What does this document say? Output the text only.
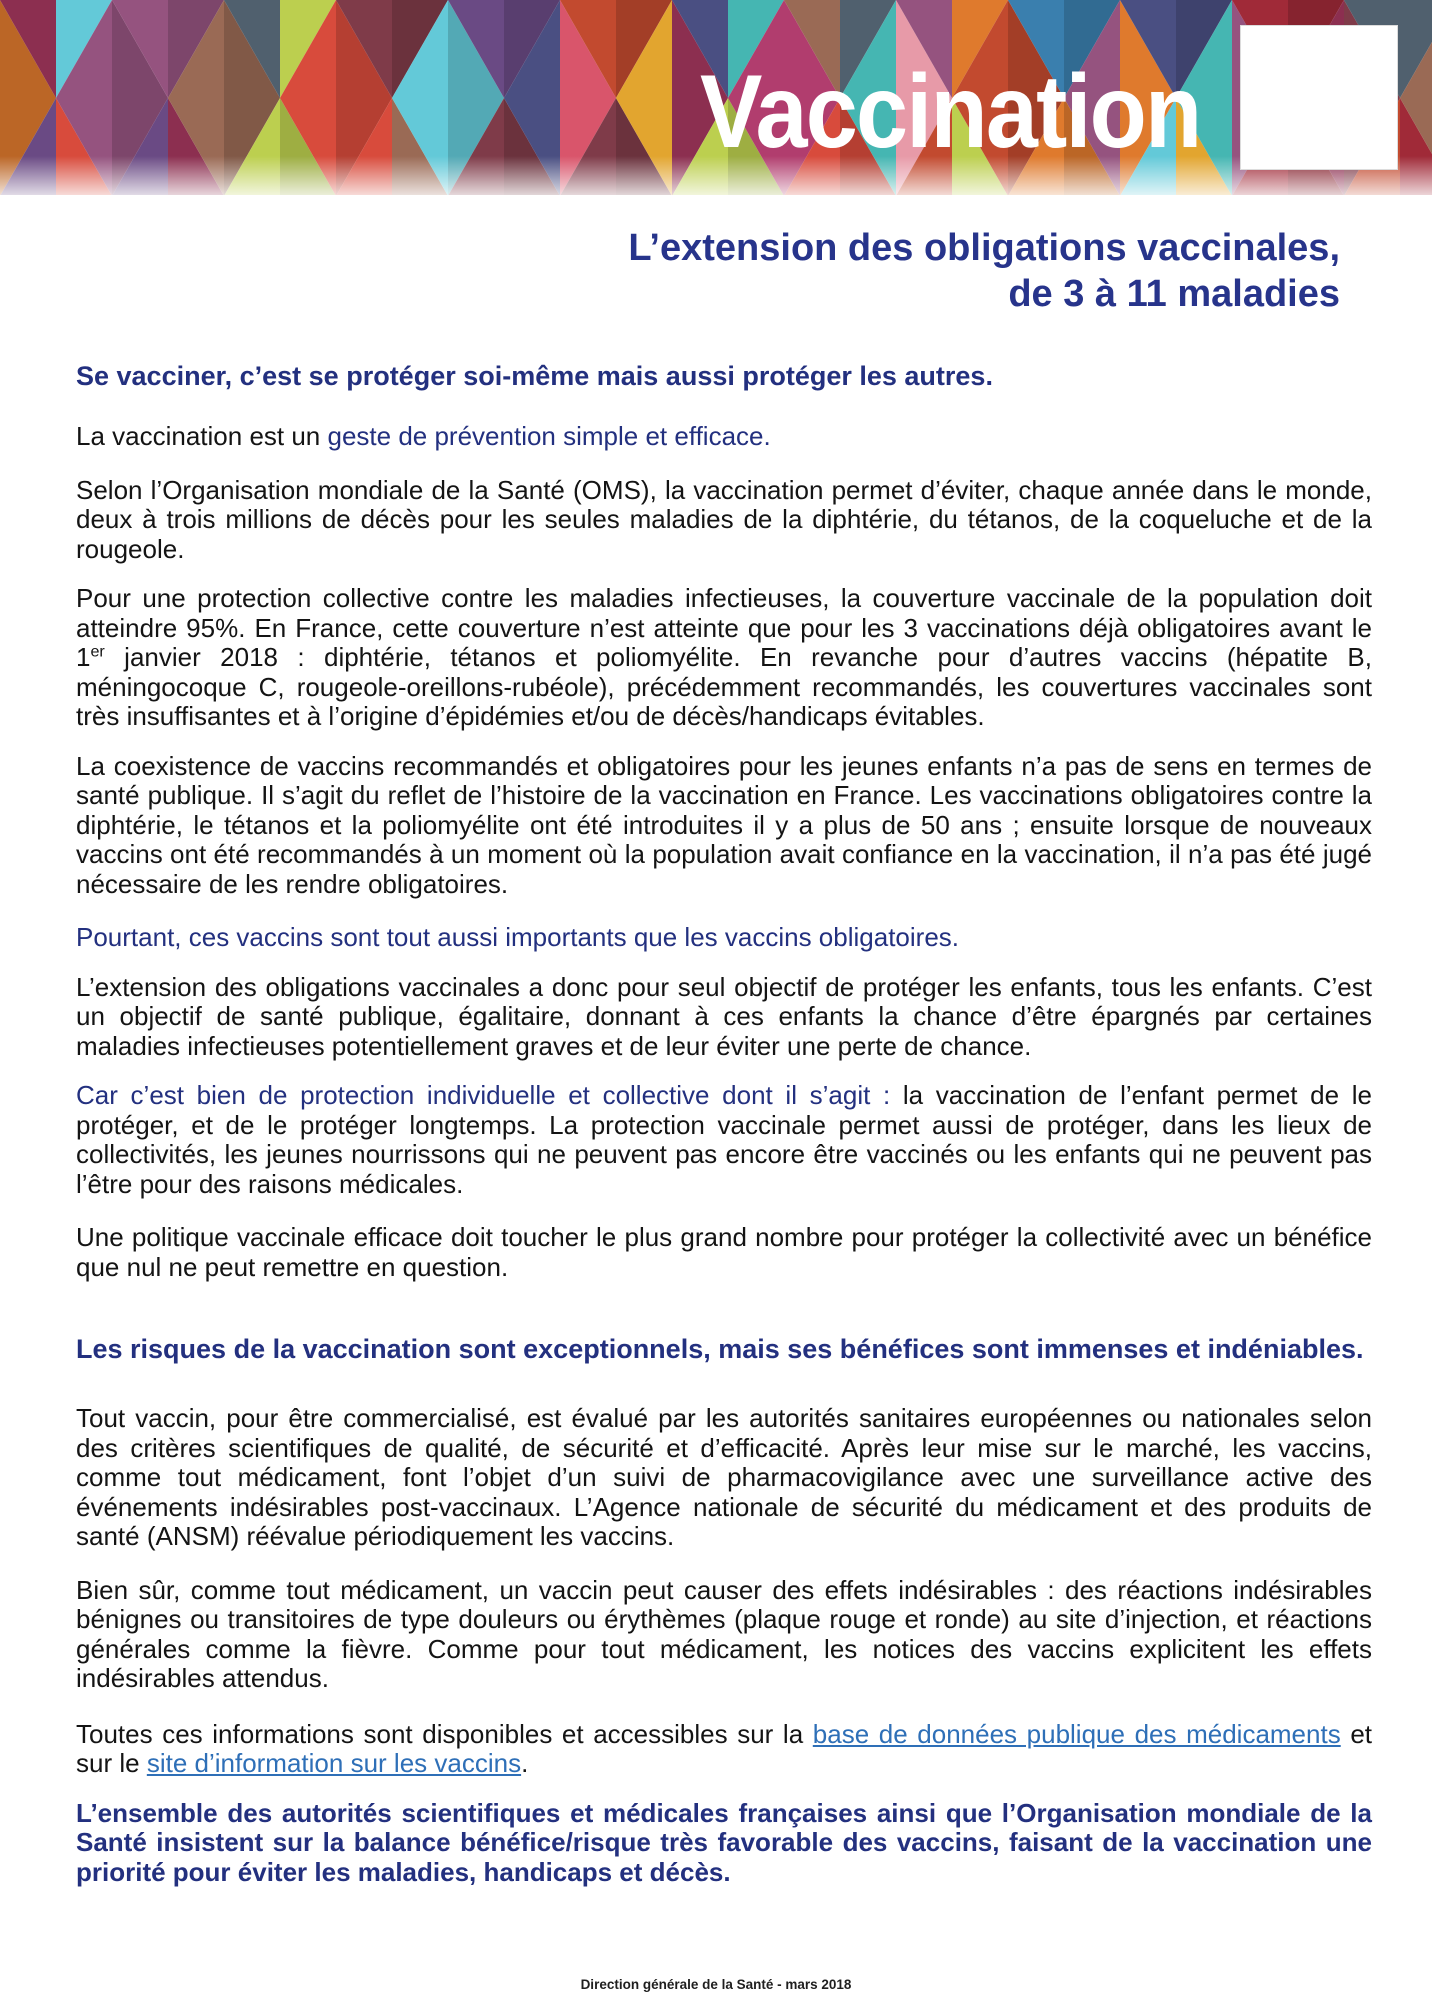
Vaccination
L’extension des obligations vaccinales,
de 3 à 11 maladies

Se vacciner, c’est se protéger soi-même mais aussi protéger les autres.

La vaccination est un geste de prévention simple et efficace.

Selon l’Organisation mondiale de la Santé (OMS), la vaccination permet d’éviter, chaque année dans le monde, deux à trois millions de décès pour les seules maladies de la diphtérie, du tétanos, de la coqueluche et de la rougeole.

Pour une protection collective contre les maladies infectieuses, la couverture vaccinale de la population doit atteindre 95%. En France, cette couverture n’est atteinte que pour les 3 vaccinations déjà obligatoires avant le 1er janvier 2018 : diphtérie, tétanos et poliomyélite. En revanche pour d’autres vaccins (hépatite B, méningocoque C, rougeole-oreillons-rubéole), précédemment recommandés, les couvertures vaccinales sont très insuffisantes et à l’origine d’épidémies et/ou de décès/handicaps évitables.

La coexistence de vaccins recommandés et obligatoires pour les jeunes enfants n’a pas de sens en termes de santé publique. Il s’agit du reflet de l’histoire de la vaccination en France. Les vaccinations obligatoires contre la diphtérie, le tétanos et la poliomyélite ont été introduites il y a plus de 50 ans ; ensuite lorsque de nouveaux vaccins ont été recommandés à un moment où la population avait confiance en la vaccination, il n’a pas été jugé nécessaire de les rendre obligatoires.

Pourtant, ces vaccins sont tout aussi importants que les vaccins obligatoires.

L’extension des obligations vaccinales a donc pour seul objectif de protéger les enfants, tous les enfants. C’est un objectif de santé publique, égalitaire, donnant à ces enfants la chance d’être épargnés par certaines maladies infectieuses potentiellement graves et de leur éviter une perte de chance.

Car c’est bien de protection individuelle et collective dont il s’agit : la vaccination de l’enfant permet de le protéger, et de le protéger longtemps. La protection vaccinale permet aussi de protéger, dans les lieux de collectivités, les jeunes nourrissons qui ne peuvent pas encore être vaccinés ou les enfants qui ne peuvent pas l’être pour des raisons médicales.

Une politique vaccinale efficace doit toucher le plus grand nombre pour protéger la collectivité avec un bénéfice que nul ne peut remettre en question.

Les risques de la vaccination sont exceptionnels, mais ses bénéfices sont immenses et indéniables.

Tout vaccin, pour être commercialisé, est évalué par les autorités sanitaires européennes ou nationales selon des critères scientifiques de qualité, de sécurité et d’efficacité. Après leur mise sur le marché, les vaccins, comme tout médicament, font l’objet d’un suivi de pharmacovigilance avec une surveillance active des événements indésirables post-vaccinaux. L’Agence nationale de sécurité du médicament et des produits de santé (ANSM) réévalue périodiquement les vaccins.

Bien sûr, comme tout médicament, un vaccin peut causer des effets indésirables : des réactions indésirables bénignes ou transitoires de type douleurs ou érythèmes (plaque rouge et ronde) au site d’injection, et réactions générales comme la fièvre. Comme pour tout médicament, les notices des vaccins explicitent les effets indésirables attendus.

Toutes ces informations sont disponibles et accessibles sur la base de données publique des médicaments et sur le site d’information sur les vaccins.

L’ensemble des autorités scientifiques et médicales françaises ainsi que l’Organisation mondiale de la Santé insistent sur la balance bénéfice/risque très favorable des vaccins, faisant de la vaccination une priorité pour éviter les maladies, handicaps et décès.

Direction générale de la Santé - mars 2018
